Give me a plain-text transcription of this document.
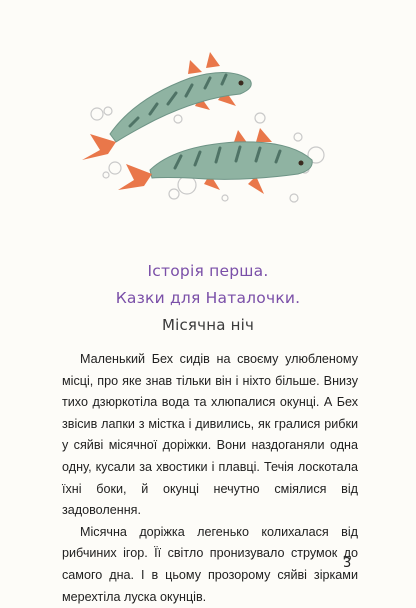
Історія перша.
Казки для Наталочки.
Місячна ніч

Маленький Бех сидів на своєму улюбленому місці, про яке знав тільки він і ніхто більше. Внизу тихо дзюркотіла вода та хлюпалися окунці. А Бех звісив лапки з містка і дивились, як гралися рибки у сяйві місячної доріжки. Вони наздоганяли одна одну, кусали за хвостики і плавці. Течія лоскотала їхні боки, й окунці нечутно сміялися від задоволення.

Місячна доріжка легенько колихалася від рибчиних ігор. Її світло пронизувало струмок до самого дна. І в цьому прозорому сяйві зірками мерехтіла луска окунців.

3
